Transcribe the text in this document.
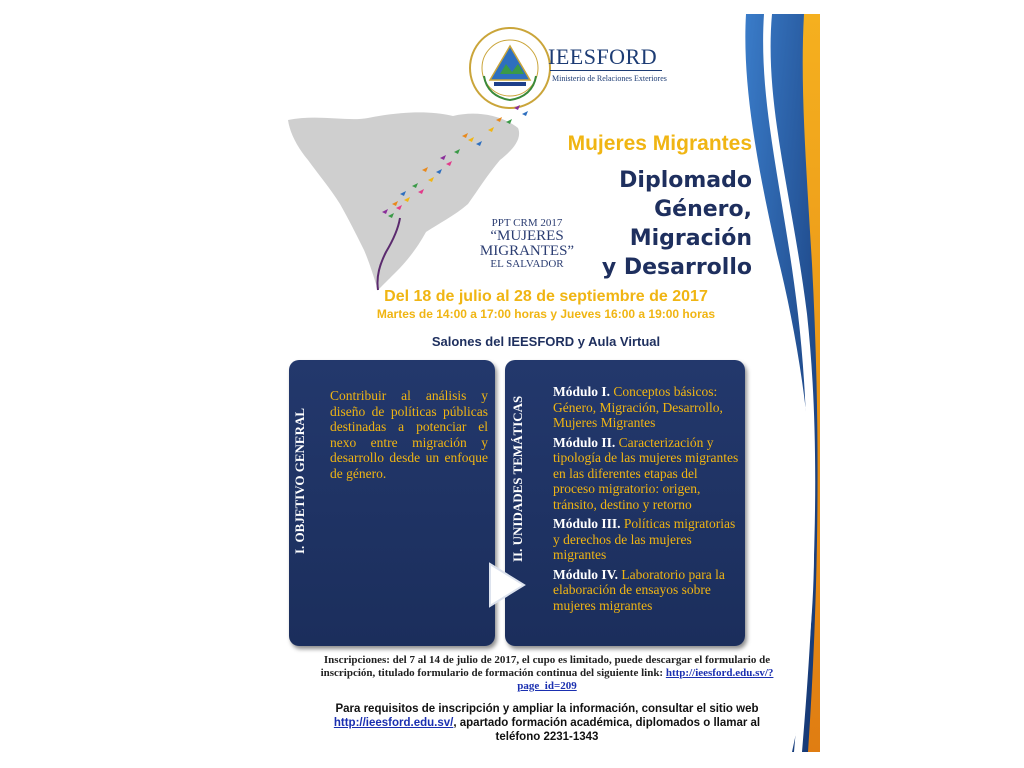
IEESFORD
Ministerio de Relaciones Exteriores
PPT CRM 2017
“MUJERES MIGRANTES”
EL SALVADOR
Mujeres Migrantes
Diplomado
Género,
Migración
y Desarrollo
Del 18 de julio al 28 de septiembre de 2017
Martes de 14:00 a 17:00 horas y Jueves 16:00 a 19:00 horas
Salones del IEESFORD y Aula Virtual
I. OBJETIVO GENERAL
Contribuir al análisis y diseño de políticas públicas destinadas a potenciar el nexo entre migración y desarrollo desde un enfoque de género.	II. UNIDADES TEMÁTICAS
Módulo I. Conceptos básicos: Género, Migración, Desarrollo, Mujeres Migrantes
Módulo II. Caracterización y tipología de las mujeres migrantes en las diferentes etapas del proceso migratorio: origen, tránsito, destino y retorno
Módulo III. Políticas migratorias y derechos de las mujeres migrantes
Módulo IV. Laboratorio para la elaboración de ensayos sobre mujeres migrantes
Inscripciones: del 7 al 14 de julio de 2017, el cupo es limitado, puede descargar el formulario de inscripción, titulado formulario de formación continua del siguiente link: http://ieesford.edu.sv/?page_id=209
Para requisitos de inscripción y ampliar la información, consultar el sitio web http://ieesford.edu.sv/, apartado formación académica, diplomados o llamar al teléfono 2231-1343
